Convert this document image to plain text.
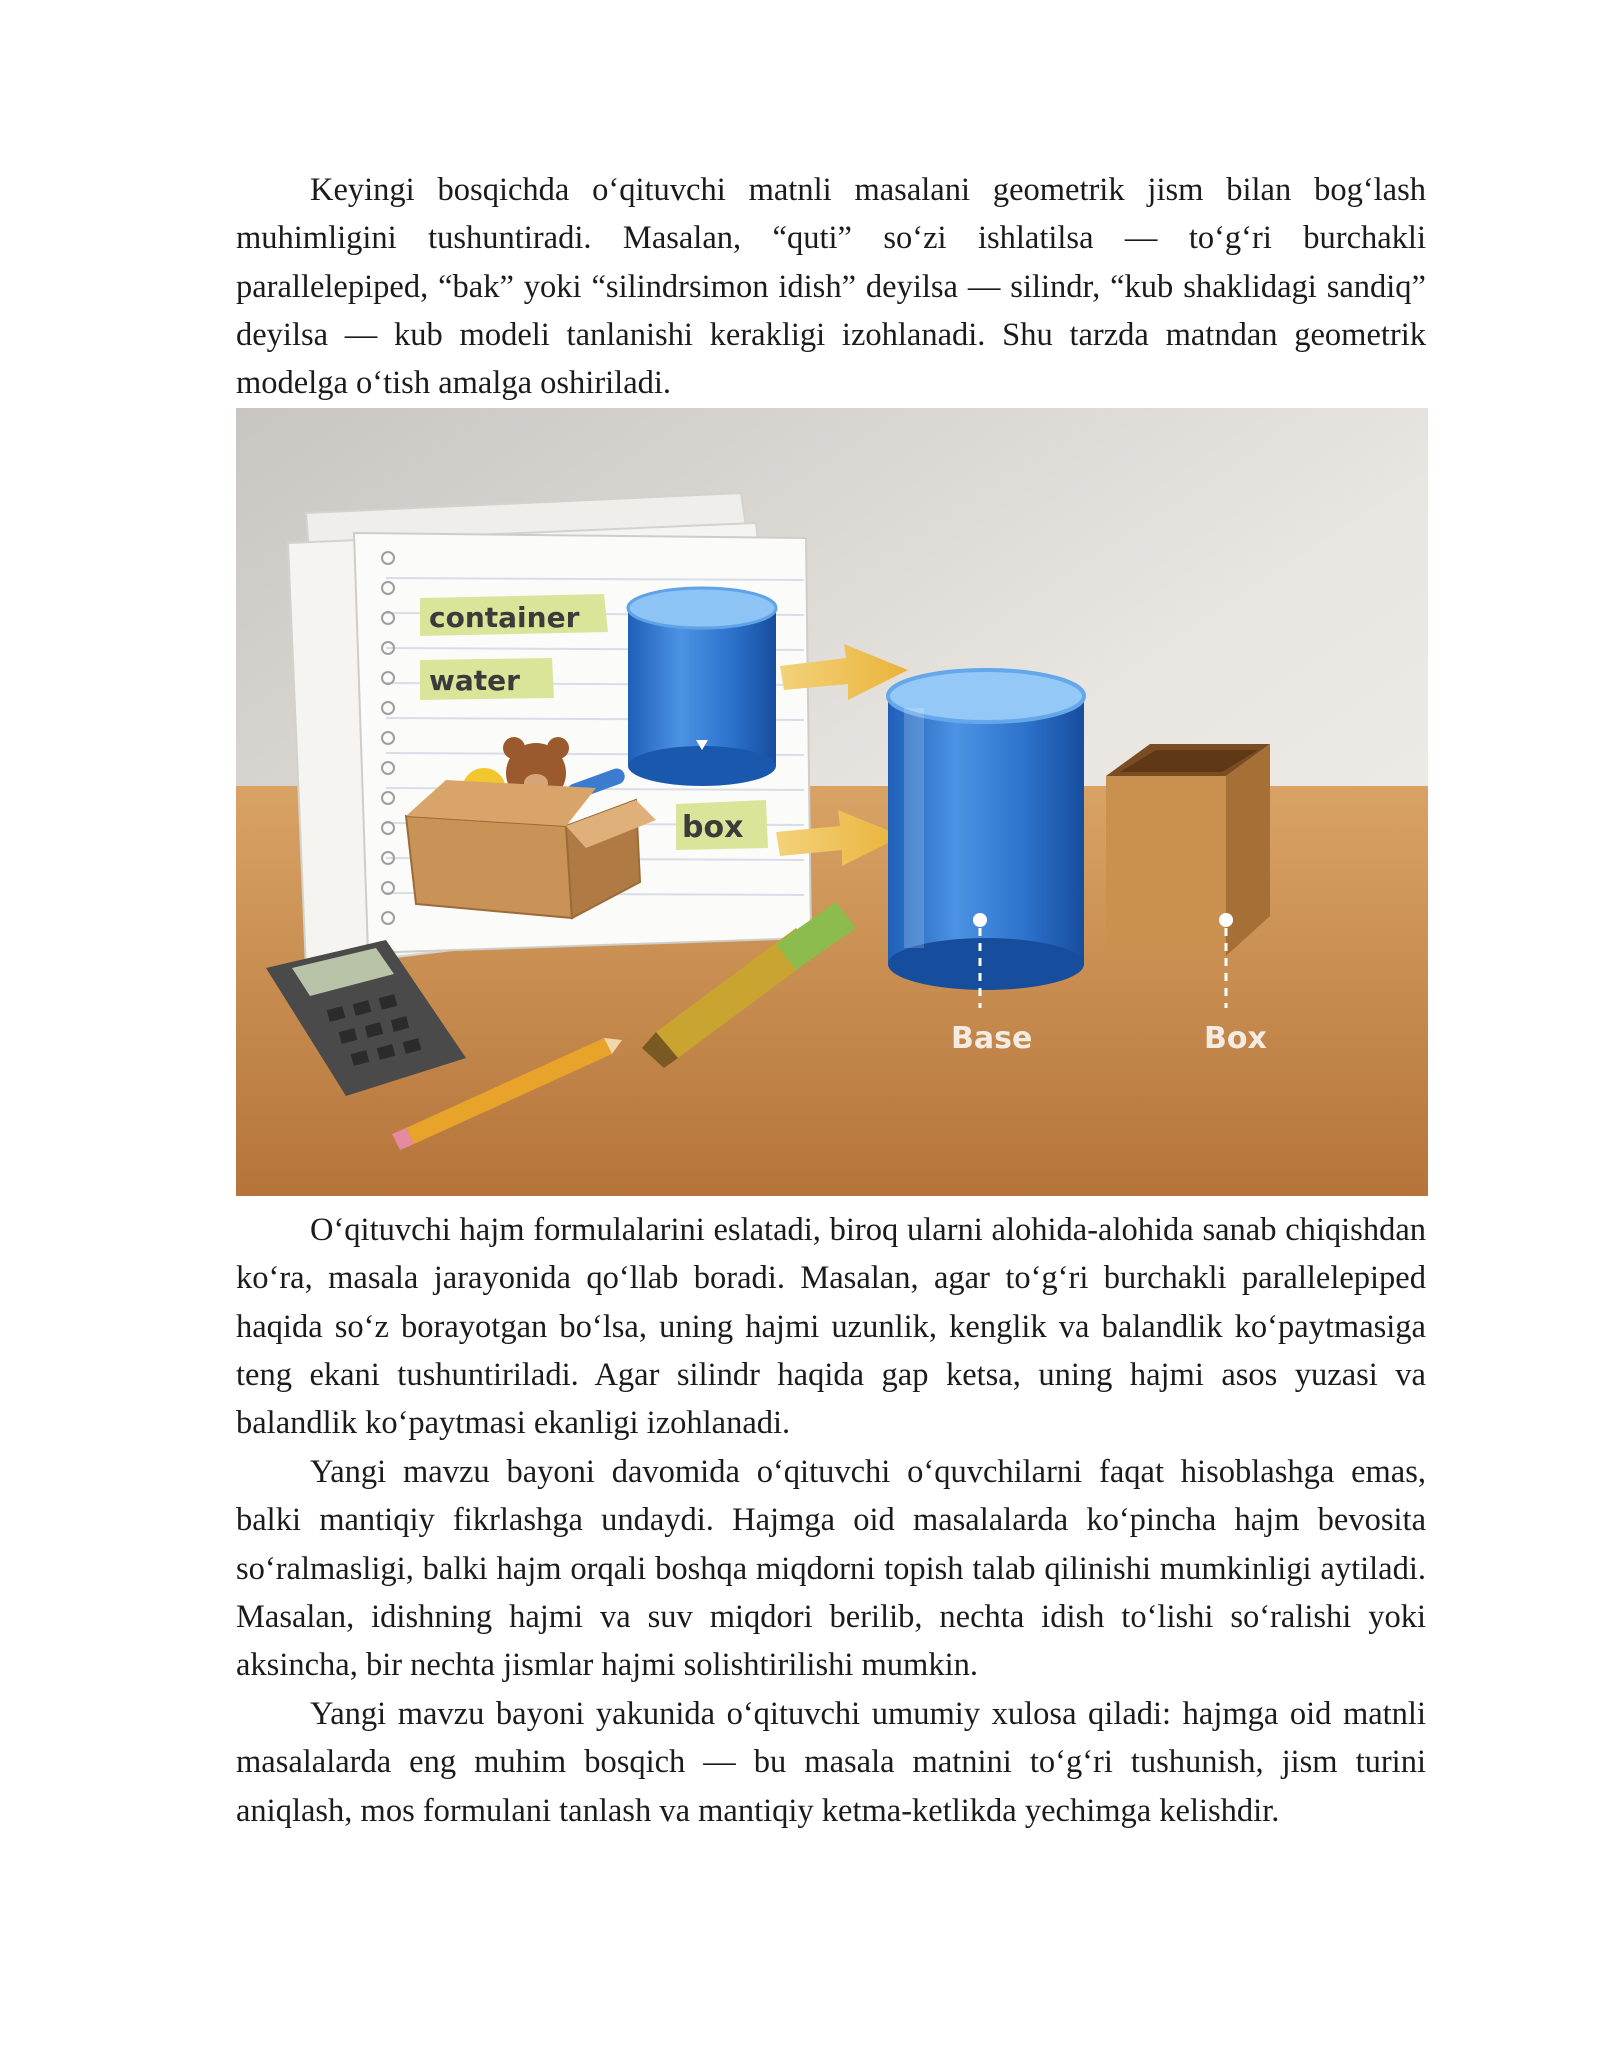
Keyingi bosqichda o‘qituvchi matnli masalani geometrik jism bilan bog‘lash muhimligini tushuntiradi. Masalan, “quti” so‘zi ishlatilsa — to‘g‘ri burchakli parallelepiped, “bak” yoki “silindrsimon idish” deyilsa — silindr, “kub shaklidagi sandiq” deyilsa — kub modeli tanlanishi kerakligi izohlanadi. Shu tarzda matndan geometrik modelga o‘tish amalga oshiriladi.

container
water
box
Base	Box

O‘qituvchi hajm formulalarini eslatadi, biroq ularni alohida-alohida sanab chiqishdan ko‘ra, masala jarayonida qo‘llab boradi. Masalan, agar to‘g‘ri burchakli parallelepiped haqida so‘z borayotgan bo‘lsa, uning hajmi uzunlik, kenglik va balandlik ko‘paytmasiga teng ekani tushuntiriladi. Agar silindr haqida gap ketsa, uning hajmi asos yuzasi va balandlik ko‘paytmasi ekanligi izohlanadi.

Yangi mavzu bayoni davomida o‘qituvchi o‘quvchilarni faqat hisoblashga emas, balki mantiqiy fikrlashga undaydi. Hajmga oid masalalarda ko‘pincha hajm bevosita so‘ralmasligi, balki hajm orqali boshqa miqdorni topish talab qilinishi mumkinligi aytiladi. Masalan, idishning hajmi va suv miqdori berilib, nechta idish to‘lishi so‘ralishi yoki aksincha, bir nechta jismlar hajmi solishtirilishi mumkin.

Yangi mavzu bayoni yakunida o‘qituvchi umumiy xulosa qiladi: hajmga oid matnli masalalarda eng muhim bosqich — bu masala matnini to‘g‘ri tushunish, jism turini aniqlash, mos formulani tanlash va mantiqiy ketma-ketlikda yechimga kelishdir.
